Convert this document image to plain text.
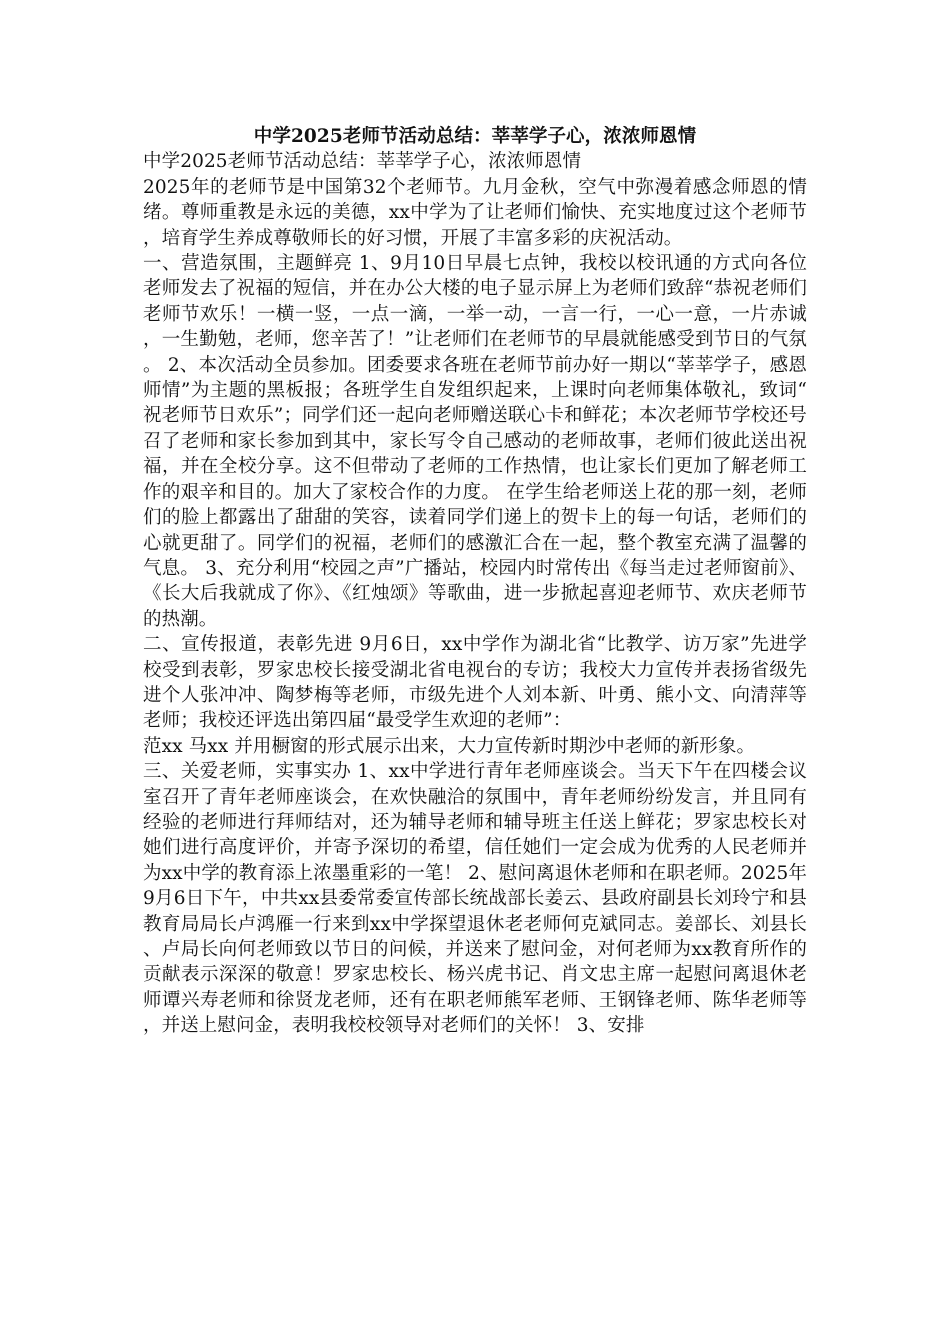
中学2025老师节活动总结：莘莘学子心，浓浓师恩情

中学2025老师节活动总结：莘莘学子心，浓浓师恩情

2025年的老师节是中国第32个老师节。九月金秋，空气中弥漫着感念师恩的情绪。尊师重教是永远的美德，xx中学为了让老师们愉快、充实地度过这个老师节，培育学生养成尊敬师长的好习惯，开展了丰富多彩的庆祝活动。

一、营造氛围，主题鲜亮 1、9月10日早晨七点钟，我校以校讯通的方式向各位老师发去了祝福的短信，并在办公大楼的电子显示屏上为老师们致辞“恭祝老师们老师节欢乐！一横一竖，一点一滴，一举一动，一言一行，一心一意，一片赤诚，一生勤勉，老师，您辛苦了！”让老师们在老师节的早晨就能感受到节日的气氛。 2、本次活动全员参加。团委要求各班在老师节前办好一期以“莘莘学子，感恩师情”为主题的黑板报；各班学生自发组织起来，上课时向老师集体敬礼，致词“祝老师节日欢乐”；同学们还一起向老师赠送联心卡和鲜花；本次老师节学校还号召了老师和家长参加到其中，家长写令自己感动的老师故事，老师们彼此送出祝福，并在全校分享。这不但带动了老师的工作热情，也让家长们更加了解老师工作的艰辛和目的。加大了家校合作的力度。 在学生给老师送上花的那一刻，老师们的脸上都露出了甜甜的笑容，读着同学们递上的贺卡上的每一句话，老师们的心就更甜了。同学们的祝福，老师们的感激汇合在一起，整个教室充满了温馨的气息。 3、充分利用“校园之声”广播站，校园内时常传出《每当走过老师窗前》、《长大后我就成了你》、《红烛颂》等歌曲，进一步掀起喜迎老师节、欢庆老师节的热潮。

二、宣传报道，表彰先进 9月6日，xx中学作为湖北省“比教学、访万家”先进学校受到表彰，罗家忠校长接受湖北省电视台的专访；我校大力宣传并表扬省级先进个人张冲冲、陶梦梅等老师，市级先进个人刘本新、叶勇、熊小文、向清萍等老师；我校还评选出第四届“最受学生欢迎的老师”：

范xx 马xx 并用橱窗的形式展示出来，大力宣传新时期沙中老师的新形象。

三、关爱老师，实事实办 1、xx中学进行青年老师座谈会。当天下午在四楼会议室召开了青年老师座谈会，在欢快融洽的氛围中，青年老师纷纷发言，并且同有经验的老师进行拜师结对，还为辅导老师和辅导班主任送上鲜花；罗家忠校长对她们进行高度评价，并寄予深切的希望，信任她们一定会成为优秀的人民老师并为xx中学的教育添上浓墨重彩的一笔！ 2、慰问离退休老师和在职老师。2025年9月6日下午，中共xx县委常委宣传部长统战部长姜云、县政府副县长刘玲宁和县教育局局长卢鸿雁一行来到xx中学探望退休老老师何克斌同志。姜部长、刘县长、卢局长向何老师致以节日的问候，并送来了慰问金，对何老师为xx教育所作的贡献表示深深的敬意！罗家忠校长、杨兴虎书记、肖文忠主席一起慰问离退休老师谭兴寿老师和徐贤龙老师，还有在职老师熊军老师、王钢锋老师、陈华老师等，并送上慰问金，表明我校校领导对老师们的关怀！ 3、安排
